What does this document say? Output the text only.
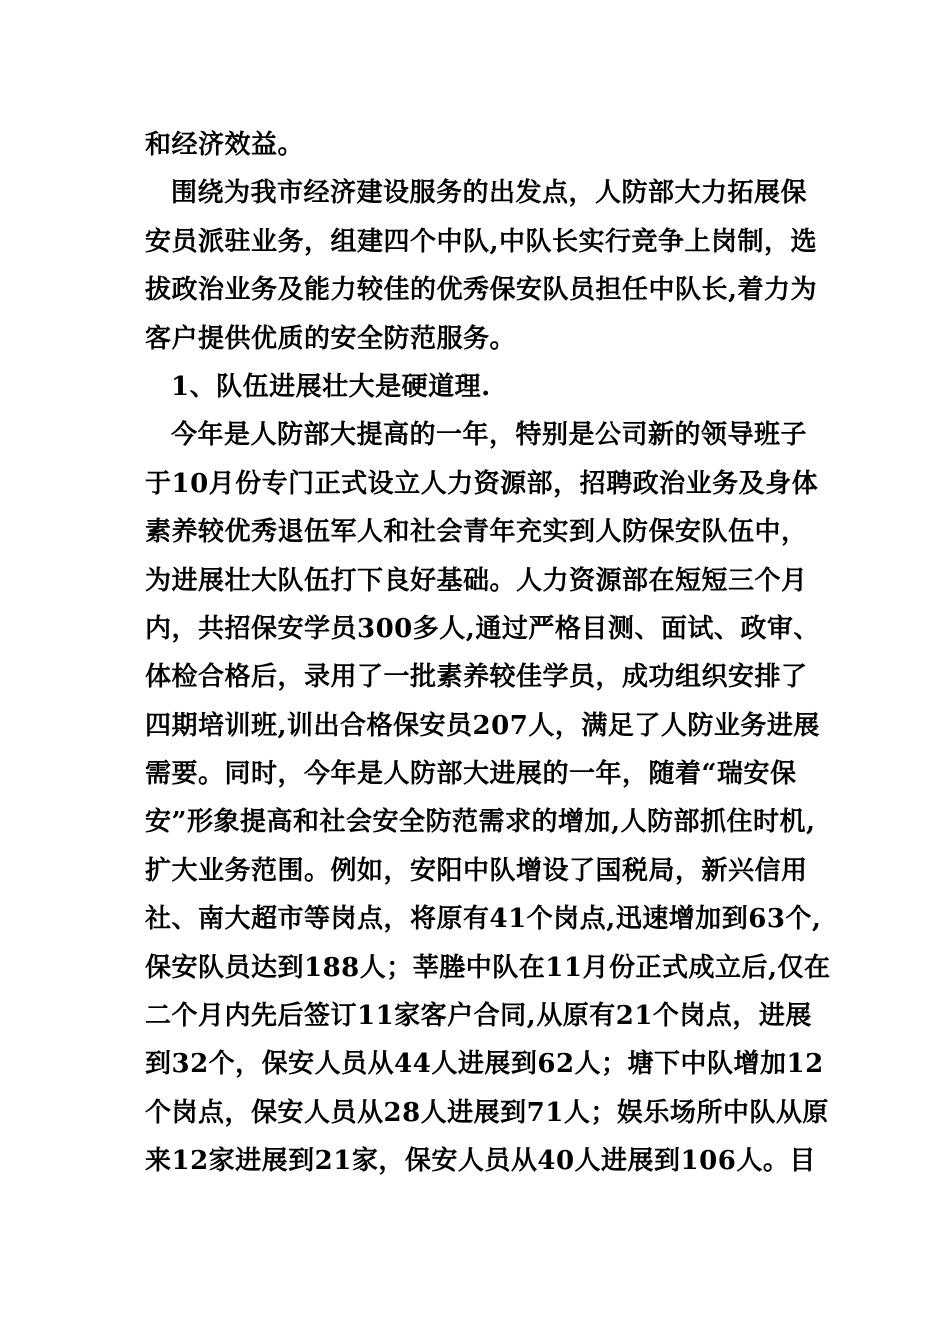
和经济效益。
围绕为我市经济建设服务的出发点，人防部大力拓展保
安员派驻业务，组建四个中队,中队长实行竞争上岗制，选
拔政治业务及能力较佳的优秀保安队员担任中队长,着力为
客户提供优质的安全防范服务。
1、队伍进展壮大是硬道理.
今年是人防部大提高的一年，特别是公司新的领导班子
于10月份专门正式设立人力资源部，招聘政治业务及身体
素养较优秀退伍军人和社会青年充实到人防保安队伍中，
为进展壮大队伍打下良好基础。人力资源部在短短三个月
内，共招保安学员300多人,通过严格目测、面试、政审、
体检合格后，录用了一批素养较佳学员，成功组织安排了
四期培训班,训出合格保安员207人，满足了人防业务进展
需要。同时，今年是人防部大进展的一年，随着“瑞安保
安”形象提高和社会安全防范需求的增加,人防部抓住时机,
扩大业务范围。例如，安阳中队增设了国税局，新兴信用
社、南大超市等岗点，将原有41个岗点,迅速增加到63个,
保安队员达到188人；莘塍中队在11月份正式成立后,仅在
二个月内先后签订11家客户合同,从原有21个岗点，进展
到32个，保安人员从44人进展到62人；塘下中队增加12
个岗点，保安人员从28人进展到71人；娱乐场所中队从原
来12家进展到21家，保安人员从40人进展到106人。目
